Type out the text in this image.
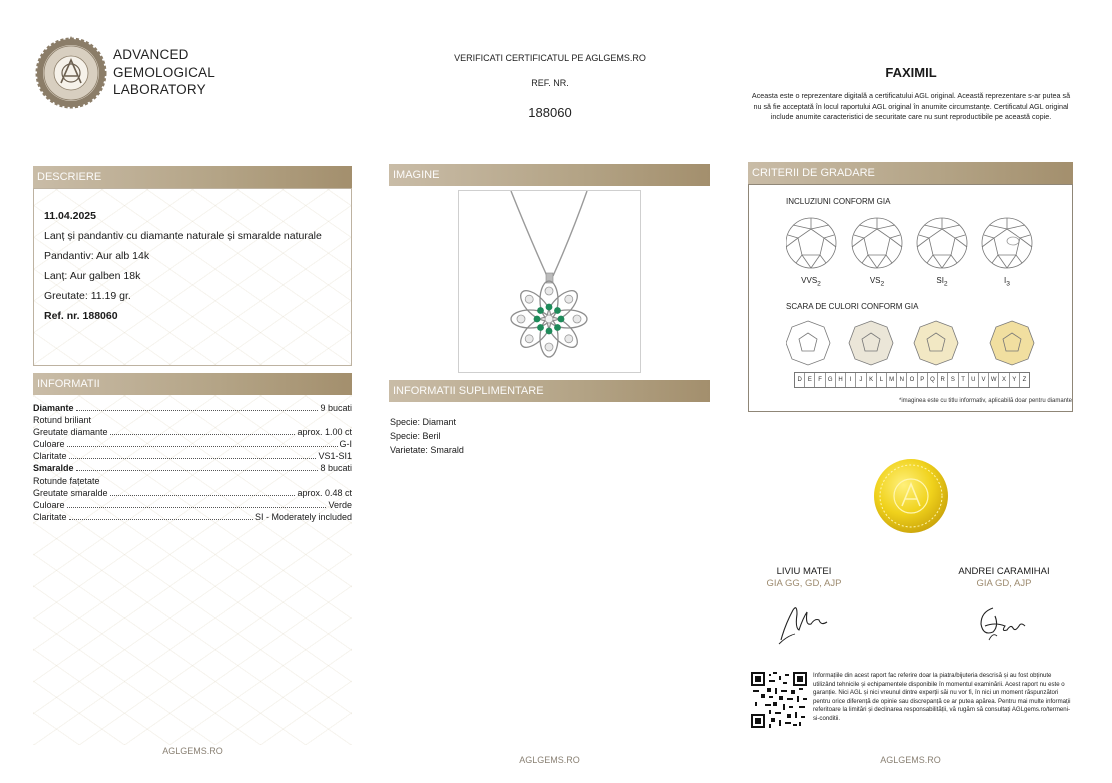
ADVANCED
GEMOLOGICAL
LABORATORY
VERIFICATI CERTIFICATUL PE AGLGEMS.RO
REF. NR.
188060
FAXIMIL
Aceasta este o reprezentare digitală a certificatului AGL original. Această reprezentare s-ar putea să nu să fie acceptată în locul raportului AGL original în anumite circumstanțe. Certificatul AGL original include anumite caracteristici de securitate care nu sunt reproductibile pe această copie.
DESCRIERE
11.04.2025
Lanț și pandantiv cu diamante naturale și smaralde naturale
Pandantiv: Aur alb 14k
Lanț: Aur galben 18k
Greutate: 11.19 gr.
Ref. nr. 188060
INFORMATII
Diamante	9 bucati
Rotund briliant
Greutate diamante	aprox. 1.00 ct
Culoare	G-I
Claritate	VS1-SI1
Smaralde	8 bucati
Rotunde fațetate
Greutate smaralde	aprox. 0.48 ct
Culoare	Verde
Claritate	SI - Moderately included
AGLGEMS.RO
IMAGINE
INFORMATII SUPLIMENTARE
Specie: Diamant
Specie: Beril
Varietate: Smarald
AGLGEMS.RO
CRITERII DE GRADARE
INCLUZIUNI CONFORM GIA
$VVS_2$	$VS_2$	$SI_2$	$I_3$
SCARA DE CULORI CONFORM GIA
D	E	F	G H	I	J	K	L	M N O P Q R	S	T	U	V W X	Y	Z
*imaginea este cu titlu informativ, aplicabilă doar pentru diamante
LIVIU MATEI
GIA GG, GD, AJP
ANDREI CARAMIHAI
GIA GD, AJP
Informațiile din acest raport fac referire doar la piatra/bijuteria descrisă și au fost obținute utilizând tehnicile și echipamentele disponibile în momentul examinării. Acest raport nu este o garanție. Nici AGL și nici vreunul dintre experții săi nu vor fi, în nici un moment răspunzători pentru orice diferență de opinie sau discrepanță ce ar putea apărea. Pentru mai multe informații referitoare la limitări și declinarea responsabilității, vă rugăm să consultați AGLgems.ro/termeni-si-conditii.
AGLGEMS.RO
